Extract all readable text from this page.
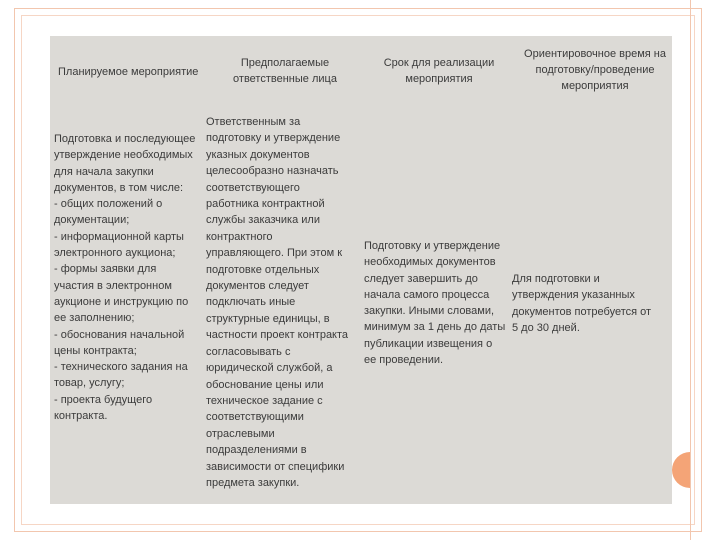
Планируемое мероприятие
Предполагаемые
ответственные лица
Срок для реализации
мероприятия
Ориентировочное время на
подготовку/проведение
мероприятия
Подготовка и последующее
утверждение необходимых
для начала закупки
документов, в том числе:
- общих положений о
документации;
- информационной карты
электронного аукциона;
- формы заявки для
участия в электронном
аукционе и инструкцию по
ее заполнению;
- обоснования начальной
цены контракта;
- технического задания на
товар, услугу;
- проекта будущего
контракта.
Ответственным за
подготовку и утверждение
указных документов
целесообразно назначать
соответствующего
работника контрактной
службы заказчика или
контрактного
управляющего. При этом к
подготовке отдельных
документов следует
подключать иные
структурные единицы, в
частности проект контракта
согласовывать с
юридической службой, а
обоснование цены или
техническое задание с
соответствующими
отраслевыми
подразделениями в
зависимости от специфики
предмета закупки.
Подготовку и утверждение
необходимых документов
следует завершить до
начала самого процесса
закупки. Иными словами,
минимум за 1 день до даты
публикации извещения о
ее проведении.
Для подготовки и
утверждения указанных
документов потребуется от
5 до 30 дней.
